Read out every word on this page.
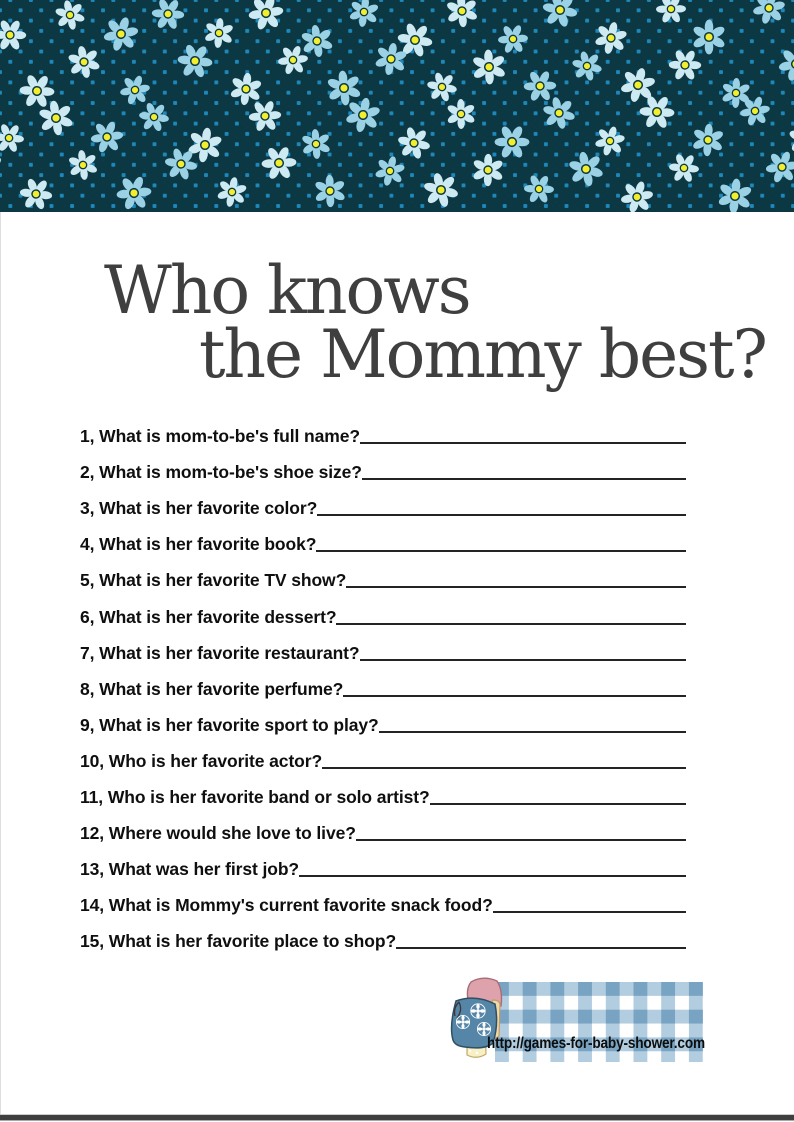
Who knows
the Mommy best?
1, What is mom-to-be's full name?
2, What is mom-to-be's shoe size?
3, What is her favorite color?
4, What is her favorite book?
5, What is her favorite TV show?
6, What is her favorite dessert?
7, What is her favorite restaurant?
8, What is her favorite perfume?
9, What is her favorite sport to play?
10, Who is her favorite actor?
11, Who is her favorite band or solo artist?
12, Where would she love to live?
13, What was her first job?
14, What is Mommy's current favorite snack food?
15, What is her favorite place to shop?
http://games-for-baby-shower.com
